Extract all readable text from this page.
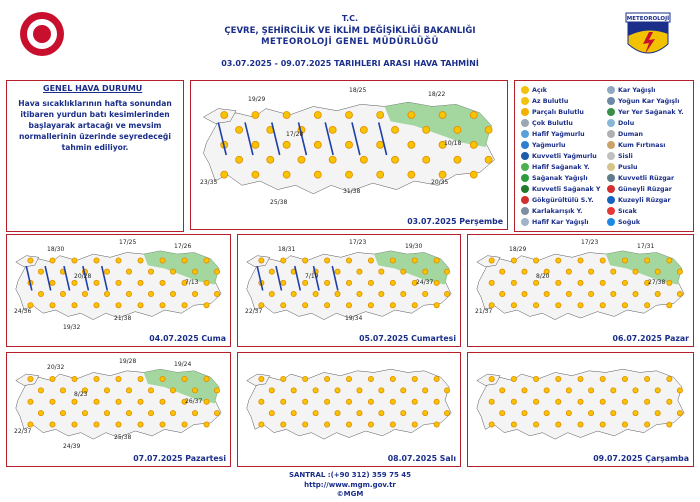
T.C.
ÇEVRE, ŞEHİRCİLİK VE İKLİM DEĞİŞİKLİĞİ BAKANLIĞI
METEOROLOJİ GENEL MÜDÜRLÜĞÜ
03.07.2025 - 09.07.2025 TARIHLERI ARASI HAVA TAHMİNİ
METEOROLOJİ
GENEL HAVA DURUMU
Hava sıcaklıklarının hafta sonundan itibaren yurdun batı kesimlerinden başlayarak artacağı ve mevsim normallerinin üzerinde seyredeceği tahmin ediliyor.
Açık
Az Bulutlu
Parçalı Bulutlu
Çok Bulutlu
Hafif Yağmurlu
Yağmurlu
Kuvvetli Yağmurlu
Hafif Sağanak Y.
Sağanak Yağışlı
Kuvvetli Sağanak Y
Gökgürültülü S.Y.
Karlakarışık Y.
Hafif Kar Yağışlı
Kar Yağışlı
Yoğun Kar Yağışlı
Yer Yer Sağanak Y.
Dolu
Duman
Kum Fırtınası
Sisli
Puslu
Kuvvetli Rüzgar
Güneyli Rüzgar
Kuzeyli Rüzgar
Sıcak
Soğuk
19/29
18/25
18/22
17/28
10/18
23/35
31/38
25/38
20/35
03.07.2025 Perşembe
18/30
17/25
17/26
20/28
7/13
24/36
21/38
19/32
04.07.2025 Cuma
18/31
17/23
19/30
7/19
24/37
22/37
19/34
05.07.2025 Cumartesi
18/29
17/23
17/31
8/20
27/38
21/37
06.07.2025 Pazar
20/32
19/28	19/24
8/23
26/37
22/37
25/38
24/39
07.07.2025 Pazartesi	08.07.2025 Salı	09.07.2025 Çarşamba
SANTRAL :(+90 312) 359 75 45
http://www.mgm.gov.tr
©MGM
